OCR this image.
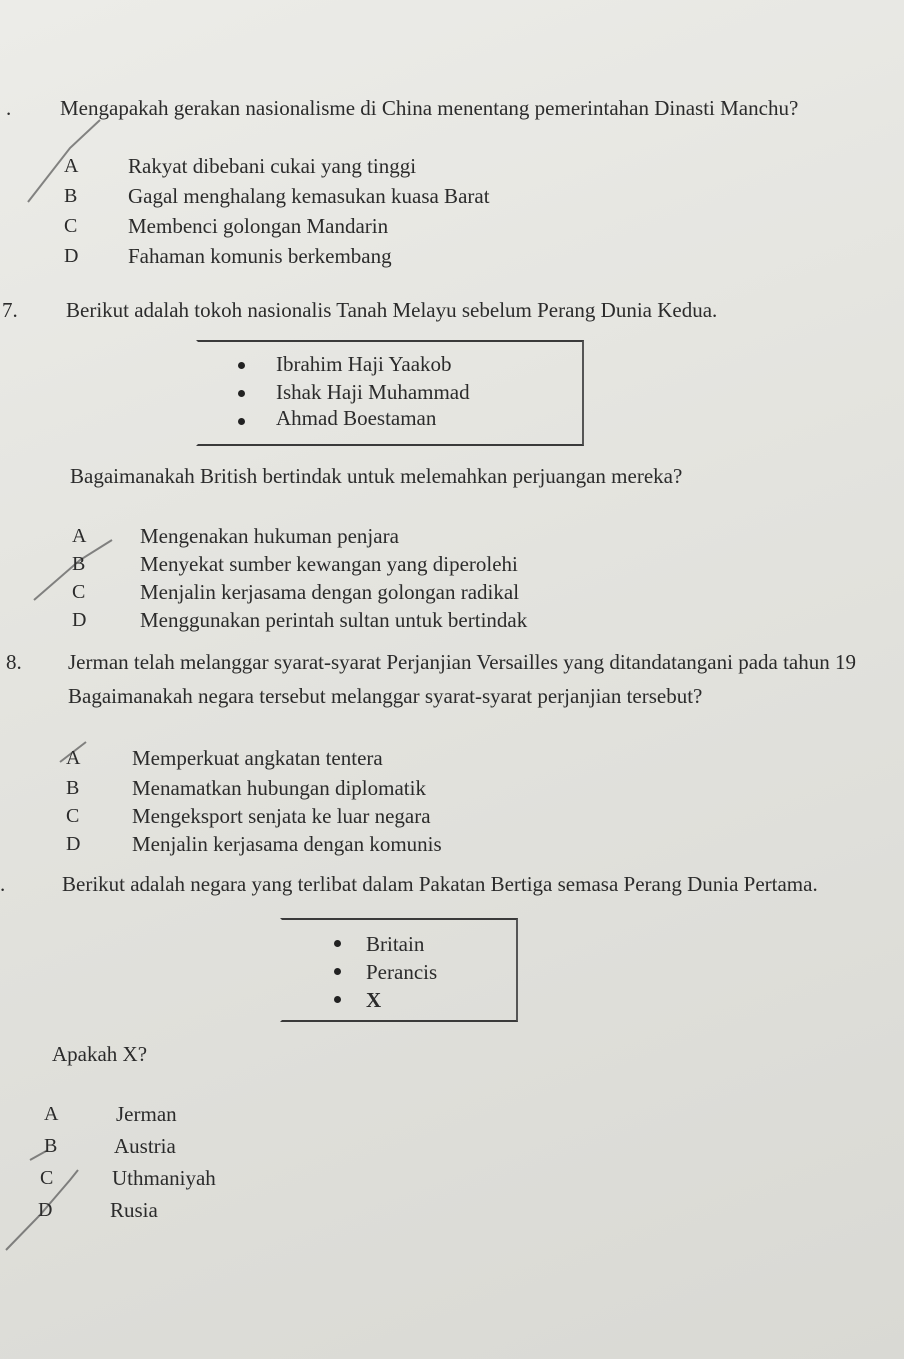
. Mengapakah gerakan nasionalisme di China menentang pemerintahan Dinasti Manchu?
A Rakyat dibebani cukai yang tinggi
B Gagal menghalang kemasukan kuasa Barat
C Membenci golongan Mandarin
D Fahaman komunis berkembang
7. Berikut adalah tokoh nasionalis Tanah Melayu sebelum Perang Dunia Kedua.
Ibrahim Haji Yaakob
Ishak Haji Muhammad
Ahmad Boestaman
Bagaimanakah British bertindak untuk melemahkan perjuangan mereka?
A	Mengenakan hukuman penjara
B	Menyekat sumber kewangan yang diperolehi
C	Menjalin kerjasama dengan golongan radikal
D	Menggunakan perintah sultan untuk bertindak
8. Jerman telah melanggar syarat-syarat Perjanjian Versailles yang ditandatangani pada tahun 19
Bagaimanakah negara tersebut melanggar syarat-syarat perjanjian tersebut?
A Memperkuat angkatan tentera
B	Menamatkan hubungan diplomatik
C	Mengeksport senjata ke luar negara
D Menjalin kerjasama dengan komunis
.	Berikut adalah negara yang terlibat dalam Pakatan Bertiga semasa Perang Dunia Pertama.
Britain
Perancis
X
Apakah X?
A	Jerman
B	Austria
C	Uthmaniyah
D	Rusia
